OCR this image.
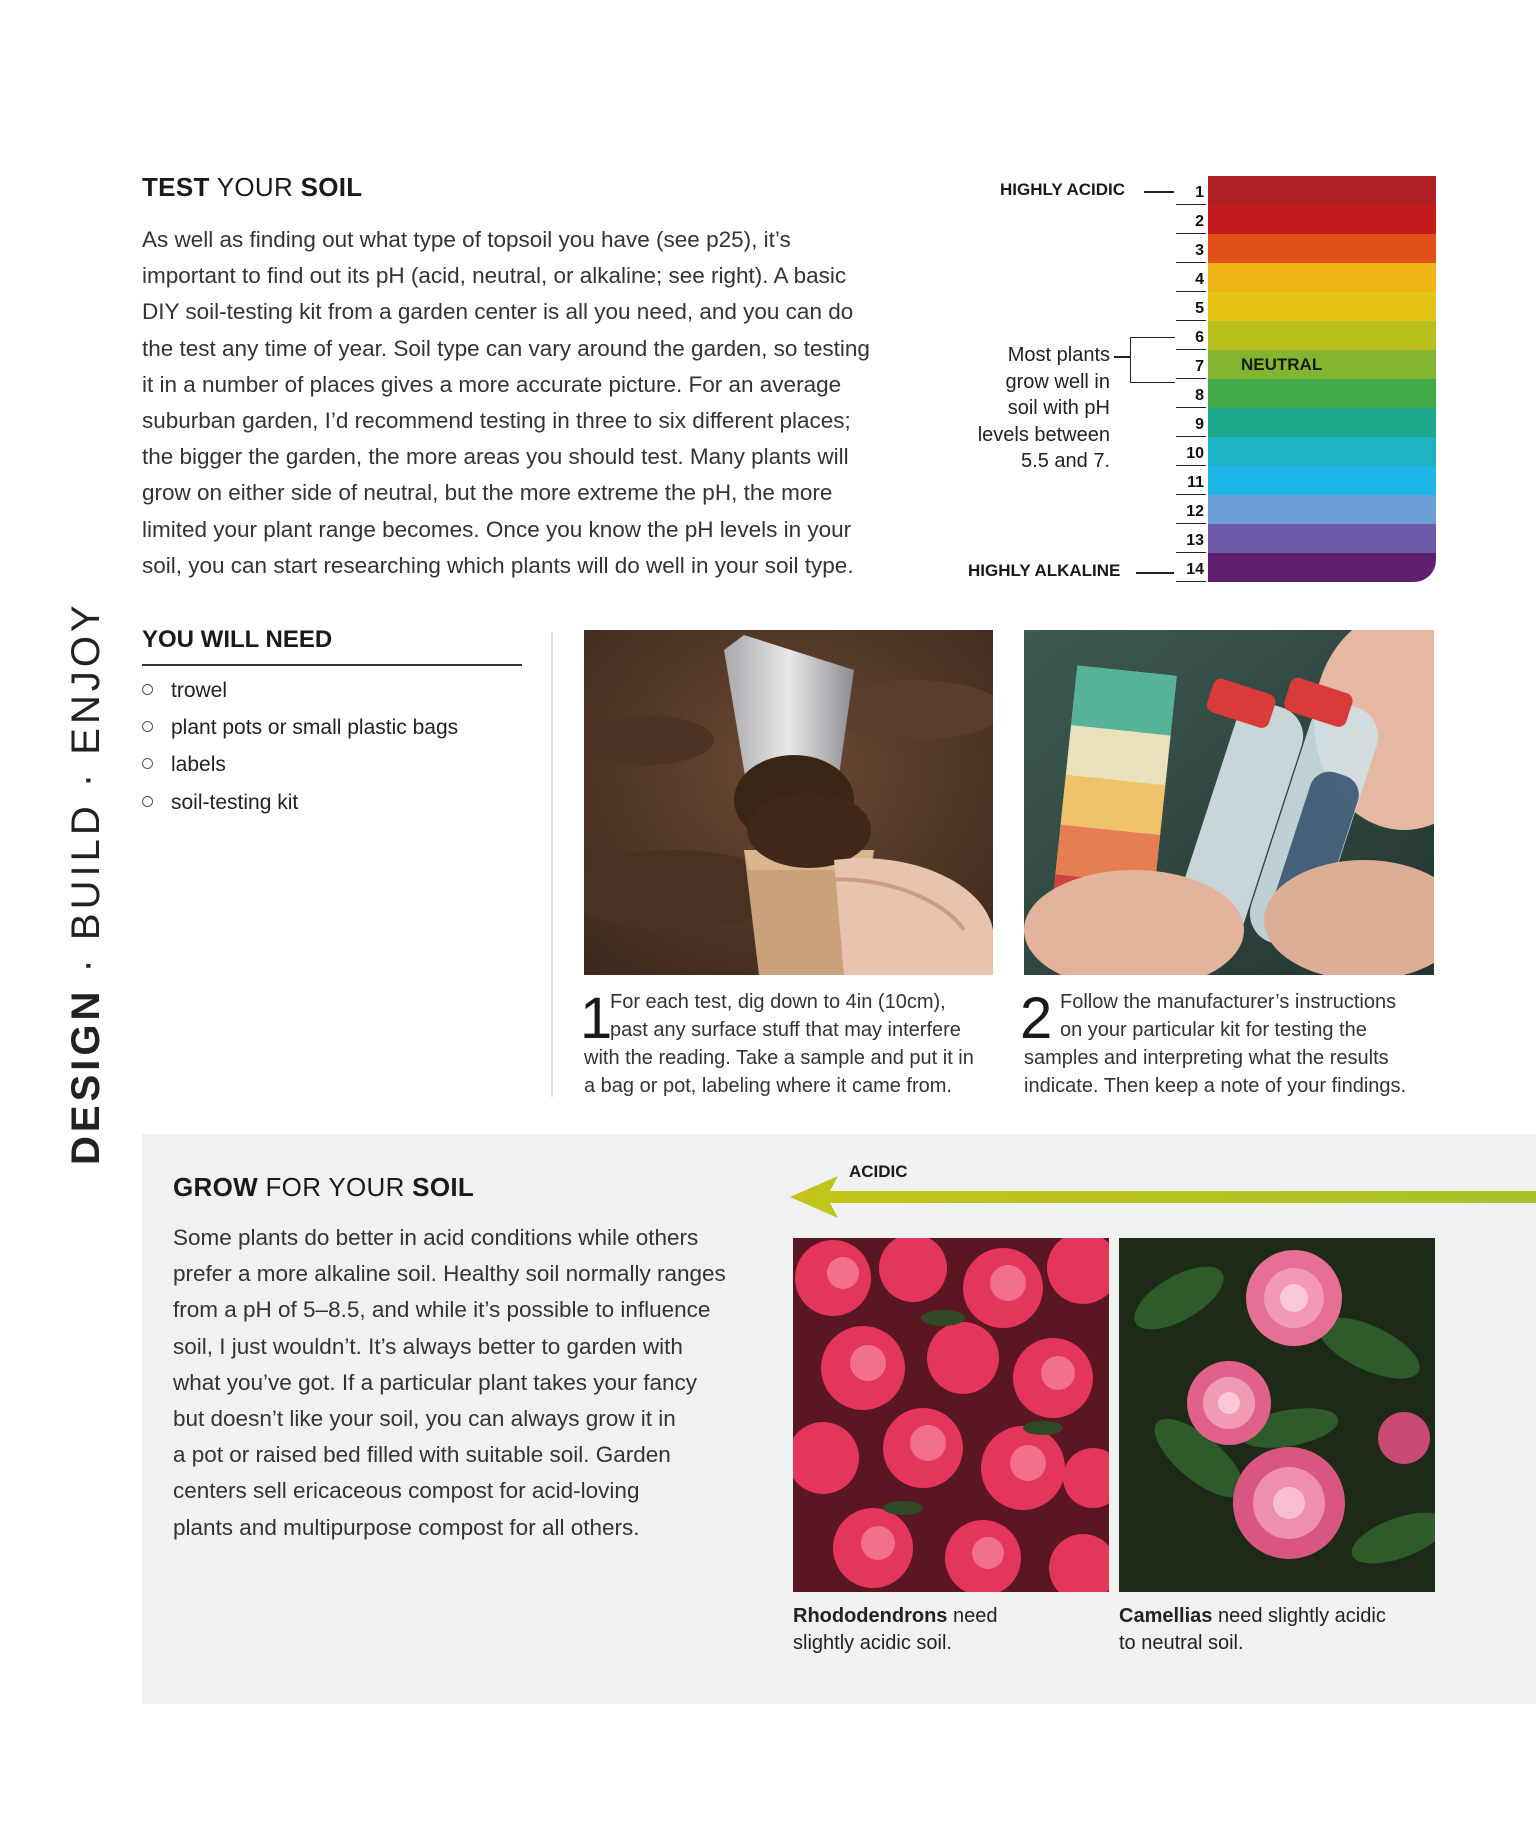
DESIGN · BUILD · ENJOY
TEST YOUR SOIL
As well as finding out what type of topsoil you have (see p25), it’s
important to find out its pH (acid, neutral, or alkaline; see right). A basic
DIY soil-testing kit from a garden center is all you need, and you can do
the test any time of year. Soil type can vary around the garden, so testing
it in a number of places gives a more accurate picture. For an average
suburban garden, I’d recommend testing in three to six different places;
the bigger the garden, the more areas you should test. Many plants will
grow on either side of neutral, but the more extreme the pH, the more
limited your plant range becomes. Once you know the pH levels in your
soil, you can start researching which plants will do well in your soil type.
HIGHLY ACIDIC
HIGHLY ALKALINE
Most plants
grow well in
soil with pH
levels between
5.5 and 7.
1
2
3
4
5
6
7 NEUTRAL
8
9
10
11
12
13
14
YOU WILL NEED
trowel
plant pots or small plastic bags
labels
soil-testing kit
1
For each test, dig down to 4in (10cm),
past any surface stuff that may interfere
with the reading. Take a sample and put it in
a bag or pot, labeling where it came from.
2 Follow the manufacturer’s instructions
on your particular kit for testing the
samples and interpreting what the results
indicate. Then keep a note of your findings.
GROW FOR YOUR SOIL
Some plants do better in acid conditions while others
prefer a more alkaline soil. Healthy soil normally ranges
from a pH of 5–8.5, and while it’s possible to influence
soil, I just wouldn’t. It’s always better to garden with
what you’ve got. If a particular plant takes your fancy
but doesn’t like your soil, you can always grow it in
a pot or raised bed filled with suitable soil. Garden
centers sell ericaceous compost for acid-loving
plants and multipurpose compost for all others.
ACIDIC
Rhododendrons need
slightly acidic soil.
Camellias need slightly acidic
to neutral soil.
